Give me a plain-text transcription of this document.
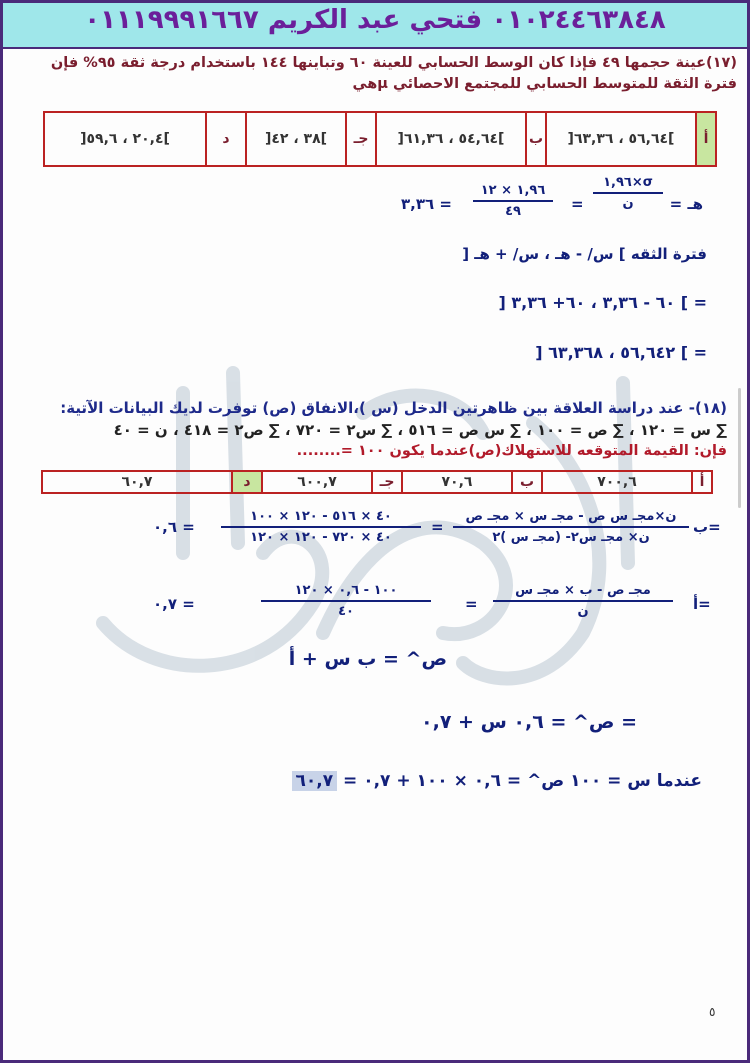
٠١٠٢٤٤٦٣٨٤٨ فتحي عبد الكريم ٠١١١٩٩٩١٦٦٧
(١٧)عينة حجمها ٤٩ فإذا كان الوسط الحسابي للعينة ٦٠ وتباينها ١٤٤ باستخدام درجة ثقة ٩٥% فإن
فترة الثقة للمتوسط الحسابي للمجتمع الاحصائي µهي
أ	]٥٦,٦٤ ، ٦٣,٣٦[	ب	]٥٤,٦٤ ، ٦١,٣٦[	جـ	]٣٨ ، ٤٢[	د	]٢٠,٤ ، ٥٩,٦[
هـ =
١,٩٦×σ
ن
=
١,٩٦ × ١٢
٤٩
= ٣,٣٦
فترة الثقه ] س/ - هـ ، س/ + هـ [
= ] ٦٠ - ٣,٣٦ ، ٦٠+ ٣,٣٦ [
= ] ٥٦,٦٤٢ ، ٦٣,٣٦٨ [
(١٨)- عند دراسة العلاقة بين ظاهرتين الدخل (س )،الانفاق (ص) توفرت لديك البيانات الآتية:
∑ س = ١٢٠ ، ∑ ص = ١٠٠ ، ∑ س ص = ٥١٦ ، ∑ س٢ = ٧٢٠ ، ∑ ص٢ = ٤١٨ ، ن = ٤٠
فإن: القيمة المتوقعه للاستهلاك(ص)عندما يكون ١٠٠ =........
أ	٧٠٠,٦	ب	٧٠,٦	جـ	٦٠٠,٧	د	٦٠,٧
ب=
ن×مجـ س ص - مجـ س × مجـ ص
ن× مجـ س٢- (مجـ س )٢
=
٤٠ × ٥١٦ - ١٢٠ × ١٠٠
٤٠ × ٧٢٠ - ١٢٠ × ١٢٠
= ٠,٦
أ=
مجـ ص - ب × مجـ س
ن
=
١٠٠ - ٠,٦ × ١٢٠
٤٠
= ٠,٧
ص^ = ب س + أ
= ص^ = ٠,٦ س + ٠,٧
عندما س = ١٠٠ ص^ = ٠,٦ × ١٠٠ + ٠,٧ = ٦٠,٧
٥
